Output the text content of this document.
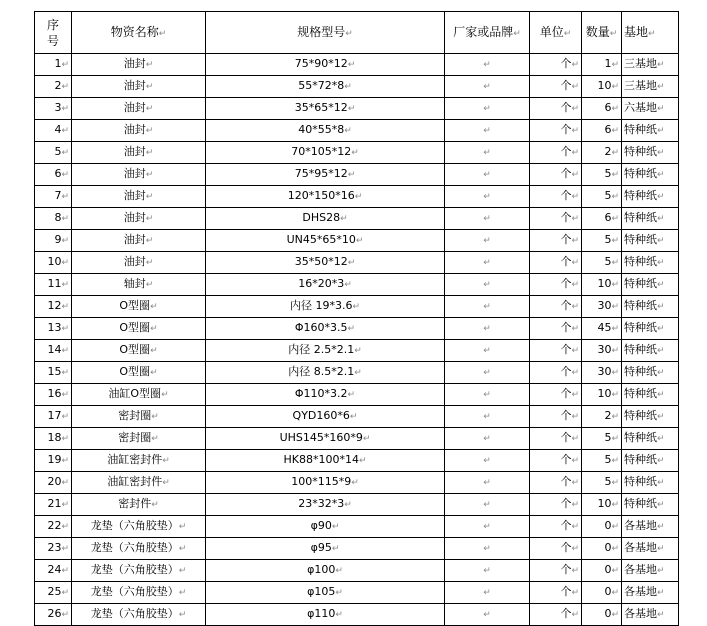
序号	物资名称↵	规格型号↵	厂家或品牌↵	单位↵	数量↵	基地↵
1↵	油封↵	75*90*12↵	↵	个↵	1↵	三基地↵
2↵	油封↵	55*72*8↵	↵	个↵	10↵	三基地↵
3↵	油封↵	35*65*12↵	↵	个↵	6↵	六基地↵
4↵	油封↵	40*55*8↵	↵	个↵	6↵	特种纸↵
5↵	油封↵	70*105*12↵	↵	个↵	2↵	特种纸↵
6↵	油封↵	75*95*12↵	↵	个↵	5↵	特种纸↵
7↵	油封↵	120*150*16↵	↵	个↵	5↵	特种纸↵
8↵	油封↵	DHS28↵	↵	个↵	6↵	特种纸↵
9↵	油封↵	UN45*65*10↵	↵	个↵	5↵	特种纸↵
10↵	油封↵	35*50*12↵	↵	个↵	5↵	特种纸↵
11↵	轴封↵	16*20*3↵	↵	个↵	10↵	特种纸↵
12↵	O型圈↵	内径 19*3.6↵	↵	个↵	30↵	特种纸↵
13↵	O型圈↵	Φ160*3.5↵	↵	个↵	45↵	特种纸↵
14↵	O型圈↵	内径 2.5*2.1↵	↵	个↵	30↵	特种纸↵
15↵	O型圈↵	内径 8.5*2.1↵	↵	个↵	30↵	特种纸↵
16↵	油缸O型圈↵	Φ110*3.2↵	↵	个↵	10↵	特种纸↵
17↵	密封圈↵	QYD160*6↵	↵	个↵	2↵	特种纸↵
18↵	密封圈↵	UHS145*160*9↵	↵	个↵	5↵	特种纸↵
19↵	油缸密封件↵	HK88*100*14↵	↵	个↵	5↵	特种纸↵
20↵	油缸密封件↵	100*115*9↵	↵	个↵	5↵	特种纸↵
21↵	密封件↵	23*32*3↵	↵	个↵	10↵	特种纸↵
22↵	龙垫（六角胶垫）↵	φ90↵	↵	个↵	0↵	各基地↵
23↵	龙垫（六角胶垫）↵	φ95↵	↵	个↵	0↵	各基地↵
24↵	龙垫（六角胶垫）↵	φ100↵	↵	个↵	0↵	各基地↵
25↵	龙垫（六角胶垫）↵	φ105↵	↵	个↵	0↵	各基地↵
26↵	龙垫（六角胶垫）↵	φ110↵	↵	个↵	0↵	各基地↵
